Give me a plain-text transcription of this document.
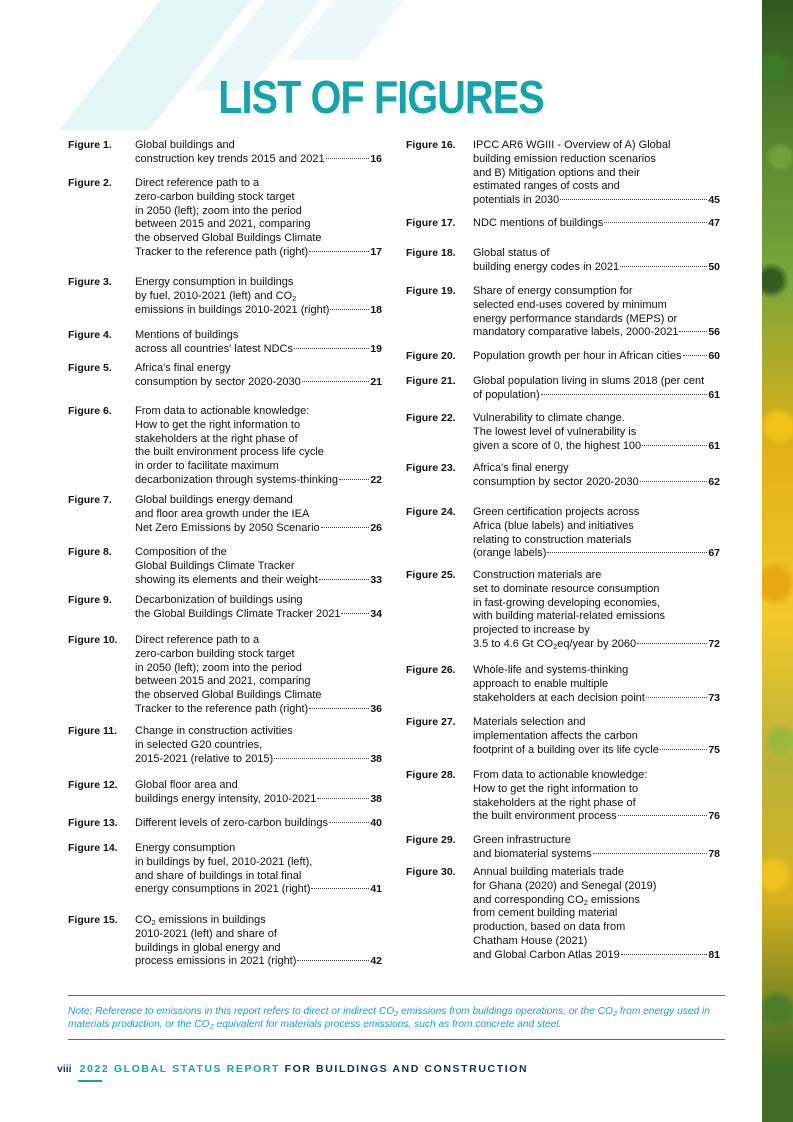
LIST OF FIGURES
Figure 1.	Global buildings and
construction key trends 2015 and 2021	16
Figure 2.	Direct reference path to a
zero-carbon building stock target
in 2050 (left); zoom into the period
between 2015 and 2021, comparing
the observed Global Buildings Climate
Tracker to the reference path (right)	17
Figure 3.	Energy consumption in buildings
by fuel, 2010-2021 (left) and $CO_2$
emissions in buildings 2010-2021 (right)	18
Figure 4.	Mentions of buildings
across all countries' latest NDCs	19
Figure 5.	Africa's final energy
consumption by sector 2020-2030	21
Figure 6.	From data to actionable knowledge:
How to get the right information to
stakeholders at the right phase of
the built environment process life cycle
in order to facilitate maximum
decarbonization through systems-thinking	22
Figure 7.	Global buildings energy demand
and floor area growth under the IEA
Net Zero Emissions by 2050 Scenario	26
Figure 8.	Composition of the
Global Buildings Climate Tracker
showing its elements and their weight	33
Figure 9.	Decarbonization of buildings using
the Global Buildings Climate Tracker 2021	34
Figure 10.	Direct reference path to a
zero-carbon building stock target
in 2050 (left); zoom into the period
between 2015 and 2021, comparing
the observed Global Buildings Climate
Tracker to the reference path (right)	36
Figure 11.	Change in construction activities
in selected G20 countries,
2015-2021 (relative to 2015)	38
Figure 12.	Global floor area and
buildings energy intensity, 2010-2021	38
Figure 13.	Different levels of zero-carbon buildings	40
Figure 14.	Energy consumption
in buildings by fuel, 2010-2021 (left),
and share of buildings in total final
energy consumptions in 2021 (right)	41
Figure 15.	$CO_2$ emissions in buildings
2010-2021 (left) and share of
buildings in global energy and
process emissions in 2021 (right)	42
Figure 16.	IPCC AR6 WGIII - Overview of A) Global
building emission reduction scenarios
and B) Mitigation options and their
estimated ranges of costs and
potentials in 2030	45
Figure 17.	NDC mentions of buildings	47
Figure 18.	Global status of
building energy codes in 2021	50
Figure 19.	Share of energy consumption for
selected end-uses covered by minimum
energy performance standards (MEPS) or
mandatory comparative labels, 2000-2021	56
Figure 20.	Population growth per hour in African cities	60
Figure 21.	Global population living in slums 2018 (per cent
of population)	61
Figure 22.	Vulnerability to climate change.
The lowest level of vulnerability is
given a score of 0, the highest 100	61
Figure 23.	Africa's final energy
consumption by sector 2020-2030	62
Figure 24.	Green certification projects across
Africa (blue labels) and initiatives
relating to construction materials
(orange labels)	67
Figure 25.	Construction materials are
set to dominate resource consumption
in fast-growing developing economies,
with building material-related emissions
projected to increase by
3.5 to 4.6 Gt $CO_2eq$/year by 2060	72
Figure 26.	Whole-life and systems-thinking
approach to enable multiple
stakeholders at each decision point	73
Figure 27.	Materials selection and
implementation affects the carbon
footprint of a building over its life cycle	75
Figure 28.	From data to actionable knowledge:
How to get the right information to
stakeholders at the right phase of
the built environment process	76
Figure 29.	Green infrastructure
and biomaterial systems	78
Figure 30.	Annual building materials trade
for Ghana (2020) and Senegal (2019)
and corresponding $CO_2$ emissions
from cement building material
production, based on data from
Chatham House (2021)
and Global Carbon Atlas 2019	81
Note: Reference to emissions in this report refers to direct or indirect $CO_2$ emissions from buildings operations, or the $CO_2$ from energy used in materials production, or the $CO_2$ equivalent for materials process emissions, such as from concrete and steel.
viii 2022 GLOBAL STATUS REPORT FOR BUILDINGS AND CONSTRUCTION
